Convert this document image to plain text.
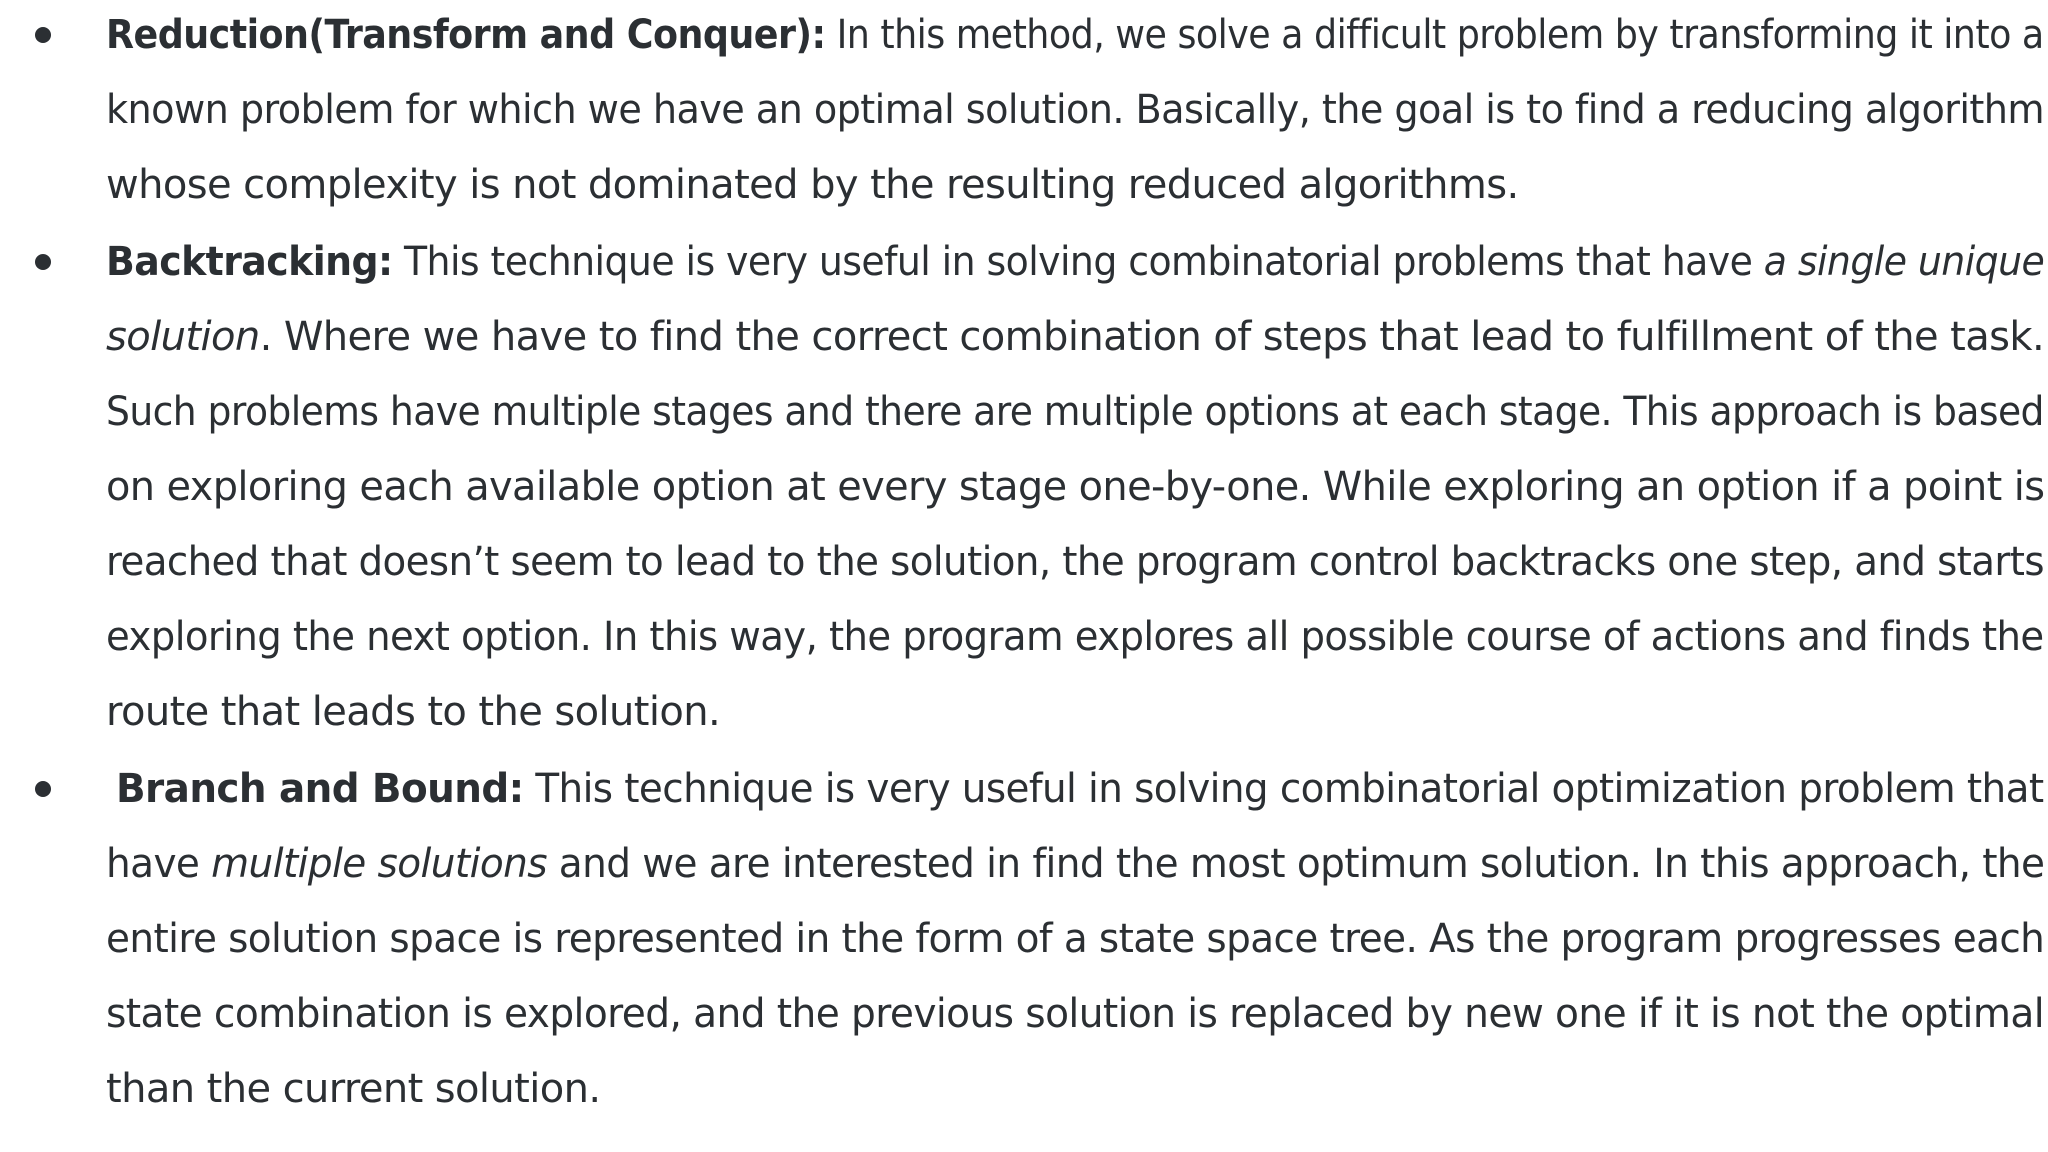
Reduction(Transform and Conquer): In this method, we solve a difficult problem by transforming it into a
known problem for which we have an optimal solution. Basically, the goal is to find a reducing algorithm
whose complexity is not dominated by the resulting reduced algorithms.
Backtracking: This technique is very useful in solving combinatorial problems that have a single unique
solution. Where we have to find the correct combination of steps that lead to fulfillment of the task.
Such problems have multiple stages and there are multiple options at each stage. This approach is based
on exploring each available option at every stage one-by-one. While exploring an option if a point is
reached that doesn’t seem to lead to the solution, the program control backtracks one step, and starts
exploring the next option. In this way, the program explores all possible course of actions and finds the
route that leads to the solution.
Branch and Bound: This technique is very useful in solving combinatorial optimization problem that
have multiple solutions and we are interested in find the most optimum solution. In this approach, the
entire solution space is represented in the form of a state space tree. As the program progresses each
state combination is explored, and the previous solution is replaced by new one if it is not the optimal
than the current solution.
